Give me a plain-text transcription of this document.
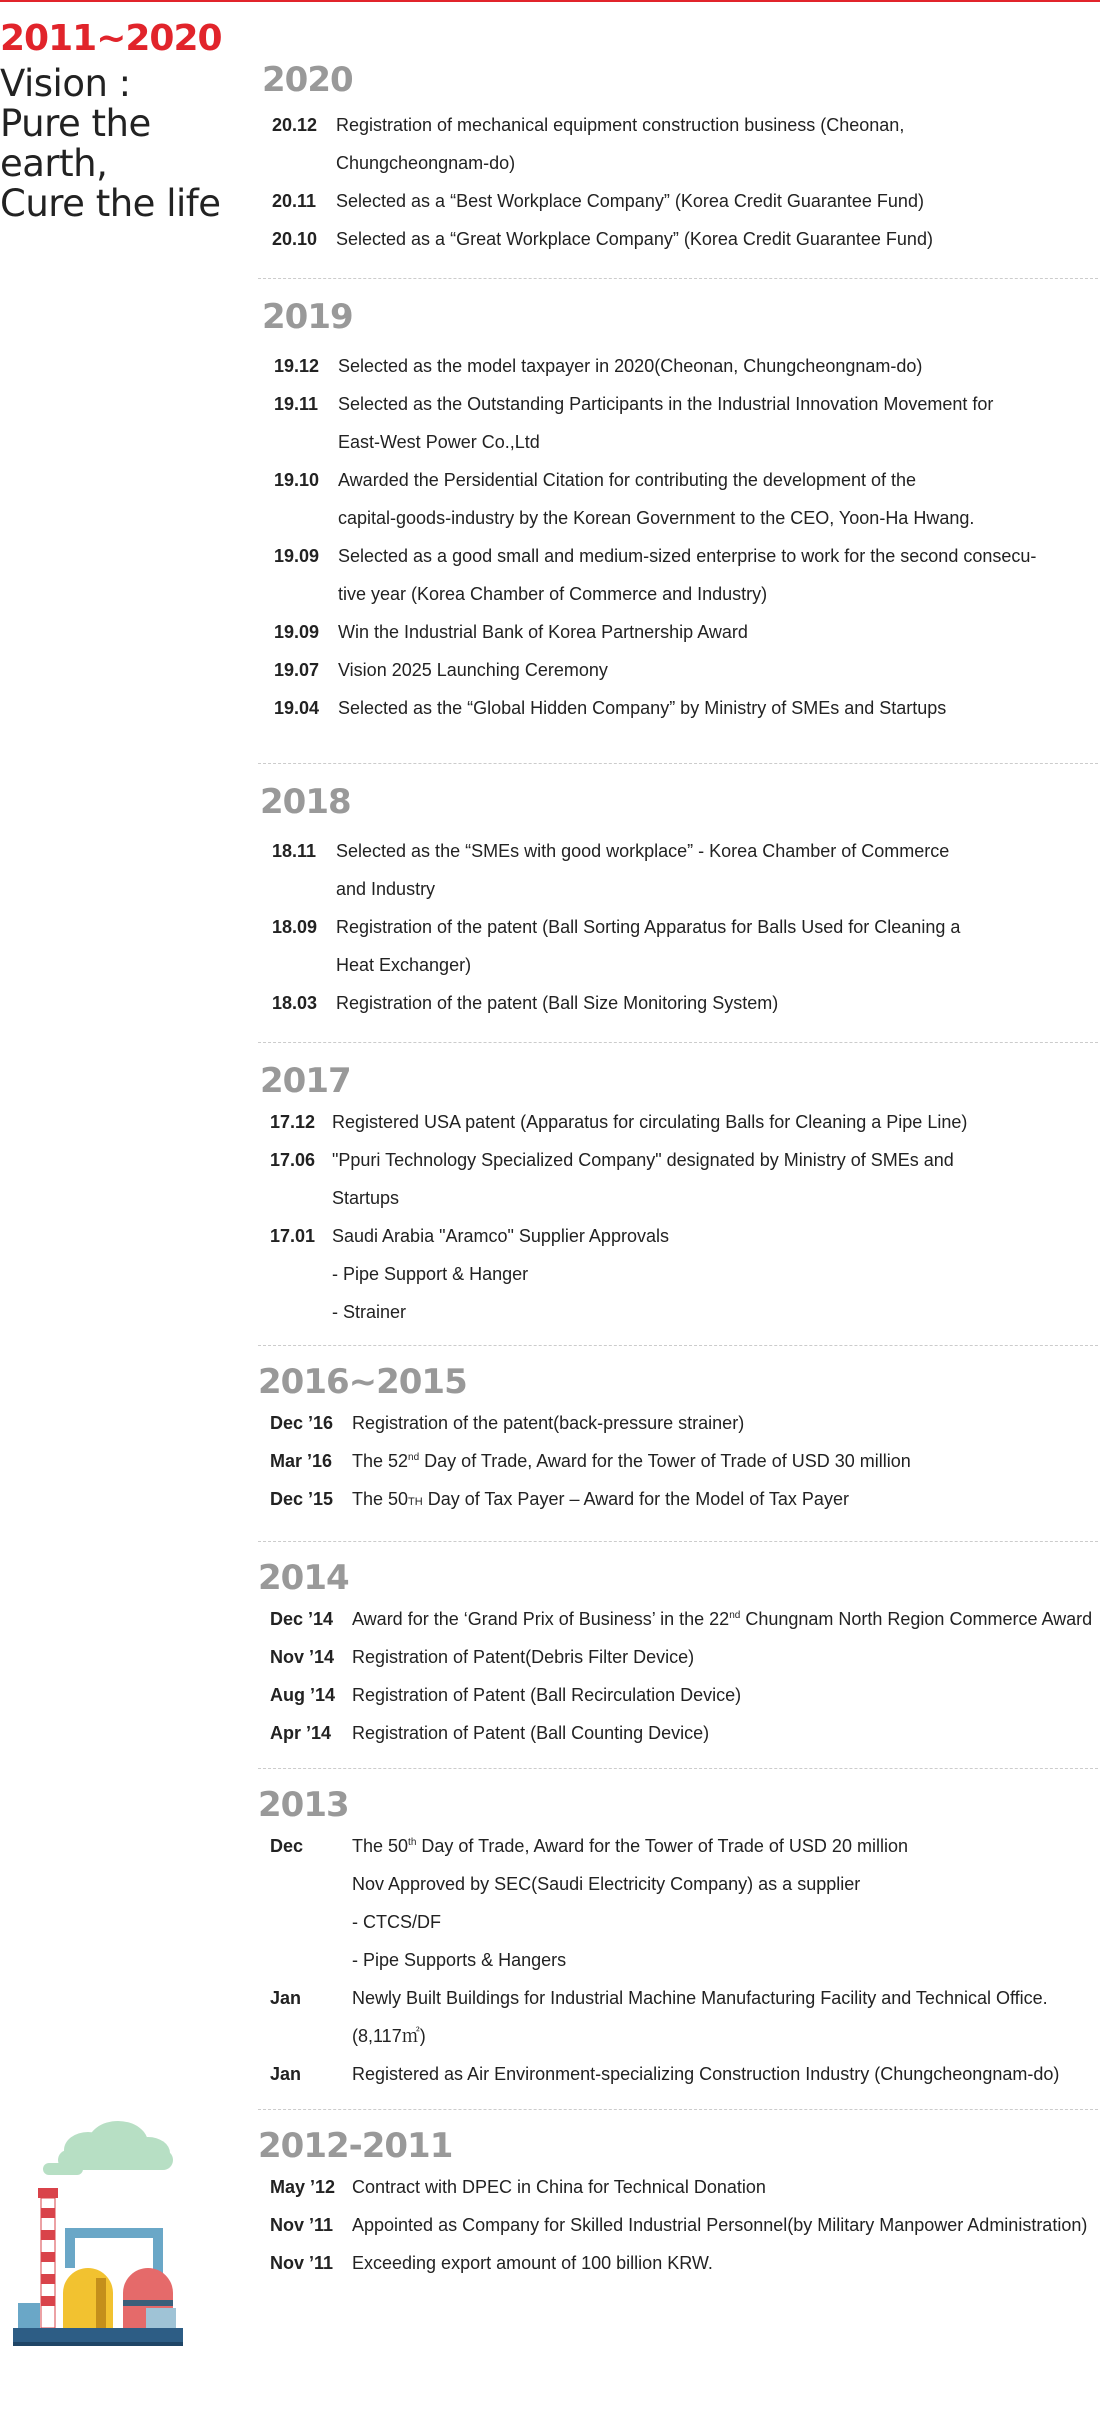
2011~2020
Vision :
Pure the earth,
Cure the life
2020
20.12	Registration of mechanical equipment construction business (Cheonan,
Chungcheongnam-do)
20.11	Selected as a “Best Workplace Company” (Korea Credit Guarantee Fund)
20.10	Selected as a “Great Workplace Company” (Korea Credit Guarantee Fund)
2019
19.12	Selected as the model taxpayer in 2020(Cheonan, Chungcheongnam-do)
19.11	Selected as the Outstanding Participants in the Industrial Innovation Movement for
East-West Power Co.,Ltd
19.10	Awarded the Persidential Citation for contributing the development of the
capital-goods-industry by the Korean Government to the CEO, Yoon-Ha Hwang.
19.09	Selected as a good small and medium-sized enterprise to work for the second consecu-
tive year (Korea Chamber of Commerce and Industry)
19.09	Win the Industrial Bank of Korea Partnership Award
19.07	Vision 2025 Launching Ceremony
19.04	Selected as the “Global Hidden Company” by Ministry of SMEs and Startups
2018
18.11	Selected as the “SMEs with good workplace” - Korea Chamber of Commerce
and Industry
18.09	Registration of the patent (Ball Sorting Apparatus for Balls Used for Cleaning a
Heat Exchanger)
18.03	Registration of the patent (Ball Size Monitoring System)
2017
17.12 Registered USA patent (Apparatus for circulating Balls for Cleaning a Pipe Line)
17.06 "Ppuri Technology Specialized Company" designated by Ministry of SMEs and
Startups
17.01 Saudi Arabia "Aramco" Supplier Approvals
- Pipe Support & Hanger
- Strainer
2016~2015
Dec ’16	Registration of the patent(back-pressure strainer)
Mar ’16	The 52nd Day of Trade, Award for the Tower of Trade of USD 30 million
Dec ’15	The 50TH Day of Tax Payer – Award for the Model of Tax Payer
2014
Dec ’14	Award for the ‘Grand Prix of Business’ in the 22nd Chungnam North Region Commerce Award
Nov ’14 Registration of Patent(Debris Filter Device)
Aug ’14 Registration of Patent (Ball Recirculation Device)
Apr ’14	Registration of Patent (Ball Counting Device)
2013
Dec	The 50th Day of Trade, Award for the Tower of Trade of USD 20 million
Nov Approved by SEC(Saudi Electricity Company) as a supplier
- CTCS/DF
- Pipe Supports & Hangers
Jan	Newly Built Buildings for Industrial Machine Manufacturing Facility and Technical Office. (8,117㎡)
Jan	Registered as Air Environment-specializing Construction Industry (Chungcheongnam-do)
2012-2011
May ’12 Contract with DPEC in China for Technical Donation
Nov ’11	Appointed as Company for Skilled Industrial Personnel(by Military Manpower Administration)
Nov ’11	Exceeding export amount of 100 billion KRW.
